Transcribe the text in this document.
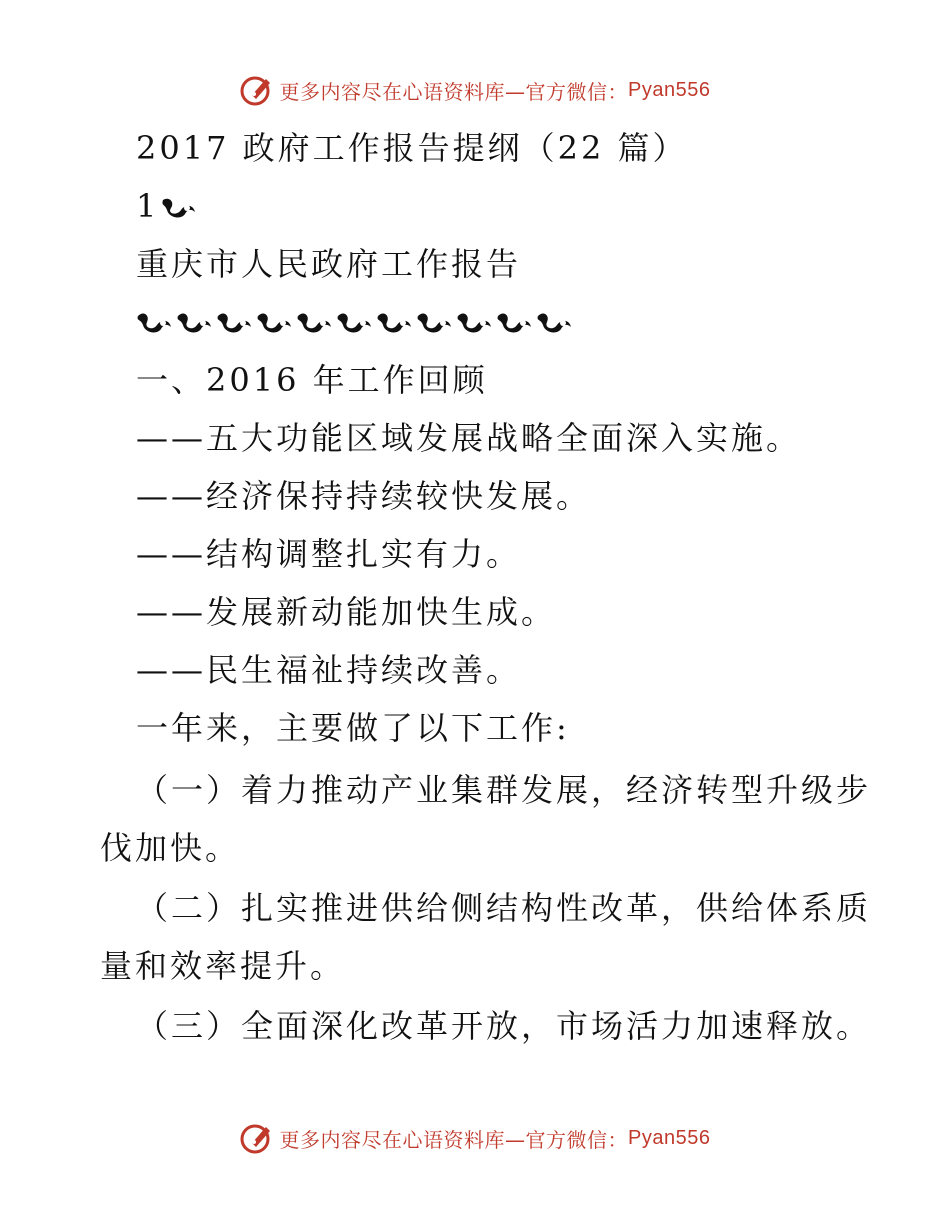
更多内容尽在心语资料库—官方微信： Pyan556
2017 政府工作报告提纲（22 篇）
1
重庆市人民政府工作报告
一、2016 年工作回顾
——五大功能区域发展战略全面深入实施。
——经济保持持续较快发展。
——结构调整扎实有力。
——发展新动能加快生成。
——民生福祉持续改善。
一年来，主要做了以下工作:
（一）着力推动产业集群发展，经济转型升级步
伐加快。
（二）扎实推进供给侧结构性改革，供给体系质
量和效率提升。
（三）全面深化改革开放，市场活力加速释放。
更多内容尽在心语资料库—官方微信： Pyan556
